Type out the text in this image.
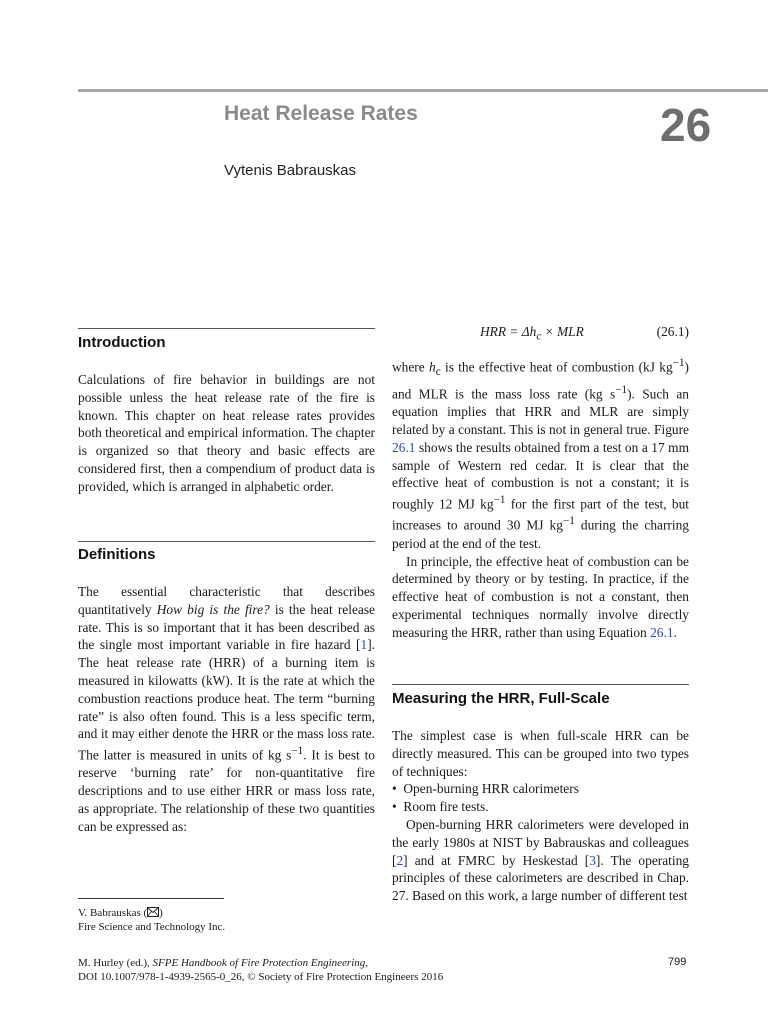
Heat Release Rates	26
Vytenis Babrauskas
Introduction

Calculations of fire behavior in buildings are not possible unless the heat release rate of the fire is known. This chapter on heat release rates provides both theoretical and empirical information. The chapter is organized so that theory and basic effects are considered first, then a compendium of product data is provided, which is arranged in alphabetic order.

Definitions

The essential characteristic that describes quantitatively How big is the fire? is the heat release rate. This is so important that it has been described as the single most important variable in fire hazard [1]. The heat release rate (HRR) of a burning item is measured in kilowatts (kW). It is the rate at which the combustion reactions produce heat. The term “burning rate” is also often found. This is a less specific term, and it may either denote the HRR or the mass loss rate. The latter is measured in units of kg $s^{-1}$. It is best to reserve ‘burning rate’ for non-quantitative fire descriptions and to use either HRR or mass loss rate, as appropriate. The relationship of these two quantities can be expressed as:

HRR = $\Delta h_c$ × MLR	(26.1)

where $h_c$ is the effective heat of combustion (kJ $kg^{-1}$) and MLR is the mass loss rate (kg $s^{-1}$). Such an equation implies that HRR and MLR are simply related by a constant. This is not in general true. Figure 26.1 shows the results obtained from a test on a 17 mm sample of Western red cedar. It is clear that the effective heat of combustion is not a constant; it is roughly 12 MJ $kg^{-1}$ for the first part of the test, but increases to around 30 MJ $kg^{-1}$ during the charring period at the end of the test.

In principle, the effective heat of combustion can be determined by theory or by testing. In practice, if the effective heat of combustion is not a constant, then experimental techniques normally involve directly measuring the HRR, rather than using Equation 26.1.

Measuring the HRR, Full-Scale

The simplest case is when full-scale HRR can be directly measured. This can be grouped into two types of techniques:

•  Open-burning HRR calorimeters

•  Room fire tests.

Open-burning HRR calorimeters were developed in the early 1980s at NIST by Babrauskas and colleagues [2] and at FMRC by Heskestad [3]. The operating principles of these calorimeters are described in Chap. 27. Based on this work, a large number of different test

V. Babrauskas ( )
Fire Science and Technology Inc.
M. Hurley (ed.), SFPE Handbook of Fire Protection Engineering,
DOI 10.1007/978-1-4939-2565-0_26, © Society of Fire Protection Engineers 2016
799
